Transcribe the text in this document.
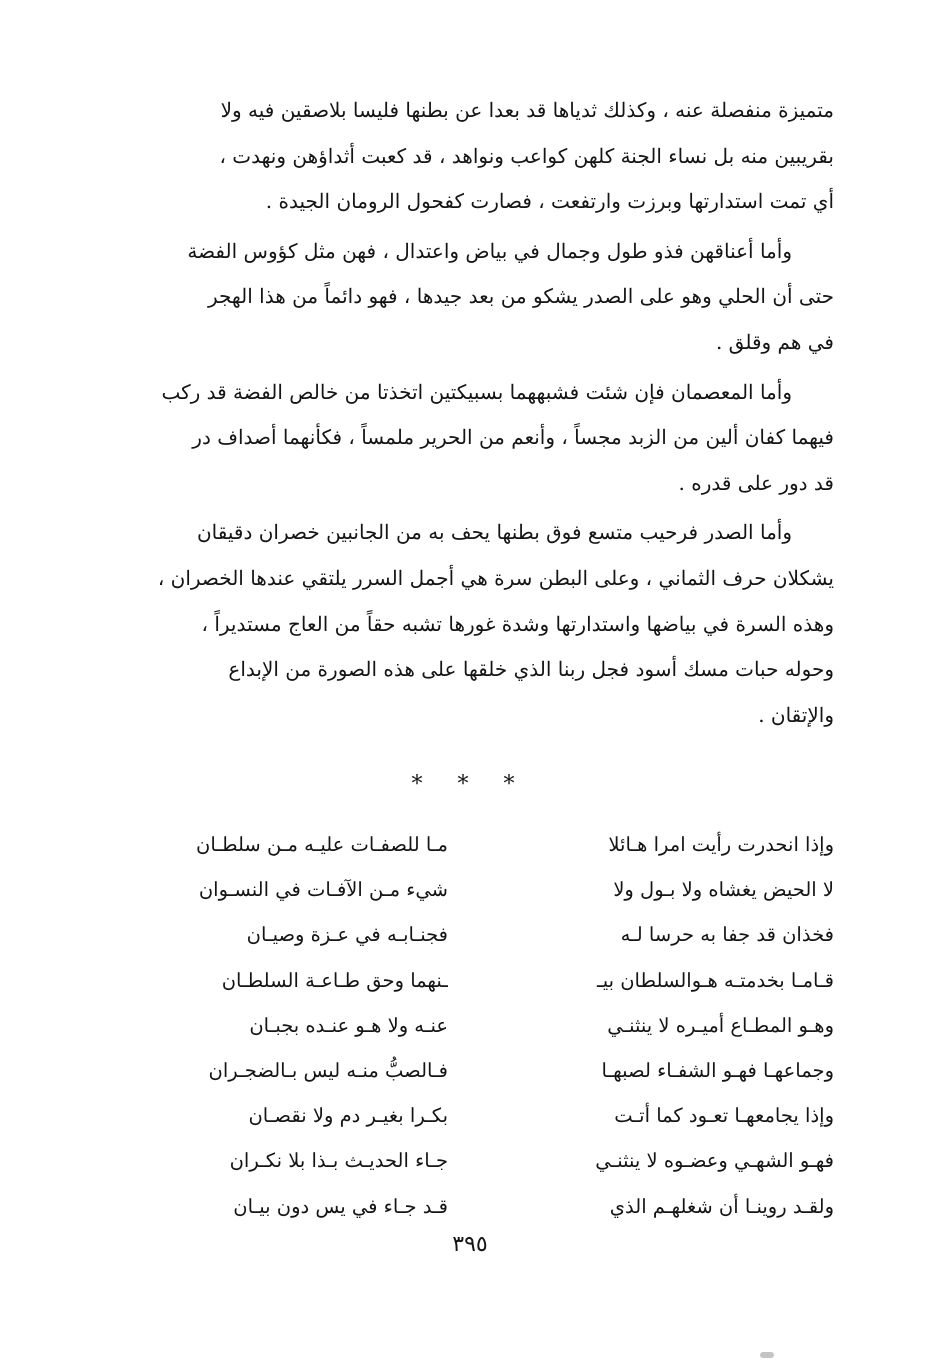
متميزة منفصلة عنه ، وكذلك ثدياها قد بعدا عن بطنها فليسا بلاصقين فيه ولا
بقريبين منه بل نساء الجنة كلهن كواعب ونواهد ، قد كعبت أثداؤهن ونهدت ،
أي تمت استدارتها وبرزت وارتفعت ، فصارت كفحول الرومان الجيدة .
وأما أعناقهن فذو طول وجمال في بياض واعتدال ، فهن مثل كؤوس الفضة
حتى أن الحلي وهو على الصدر يشكو من بعد جيدها ، فهو دائماً من هذا الهجر
في هم وقلق .
وأما المعصمان فإن شئت فشبههما بسبيكتين اتخذتا من خالص الفضة قد ركب
فيهما كفان ألين من الزبد مجساً ، وأنعم من الحرير ملمساً ، فكأنهما أصداف در
قد دور على قدره .
وأما الصدر فرحيب متسع فوق بطنها يحف به من الجانبين خصران دقيقان
يشكلان حرف الثماني ، وعلى البطن سرة هي أجمل السرر يلتقي عندها الخصران ،
وهذه السرة في بياضها واستدارتها وشدة غورها تشبه حقاً من العاج مستديراً ،
وحوله حبات مسك أسود فجل ربنا الذي خلقها على هذه الصورة من الإبداع
والإتقان .
* * *
وإذا انحدرت رأيت امرا هـائلا
لا الحيض يغشاه ولا بـول ولا
فخذان قد جفا به حرسا لـه
قـامـا بخدمتـه هـوالسلطان بيـ
وهـو المطـاع أميـره لا ينثنـي
وجماعهـا فهـو الشفـاء لصبهـا
وإذا يجامعهـا تعـود كما أتـت
فهـو الشهـي وعضـوه لا ينثنـي
ولقـد روينـا أن شغلهـم الذي
مـا للصفـات عليـه مـن سلطـان
شيء مـن الآفـات في النسـوان
فجنـابـه في عـزة وصيـان
ـنهما وحق طـاعـة السلطـان
عنـه ولا هـو عنـده بجبـان
فـالصبُّ منـه ليس بـالضجـران
بكـرا بغيـر دم ولا نقصـان
جـاء الحديـث بـذا بلا نكـران
قـد جـاء في يس دون بيـان
٣٩٥
